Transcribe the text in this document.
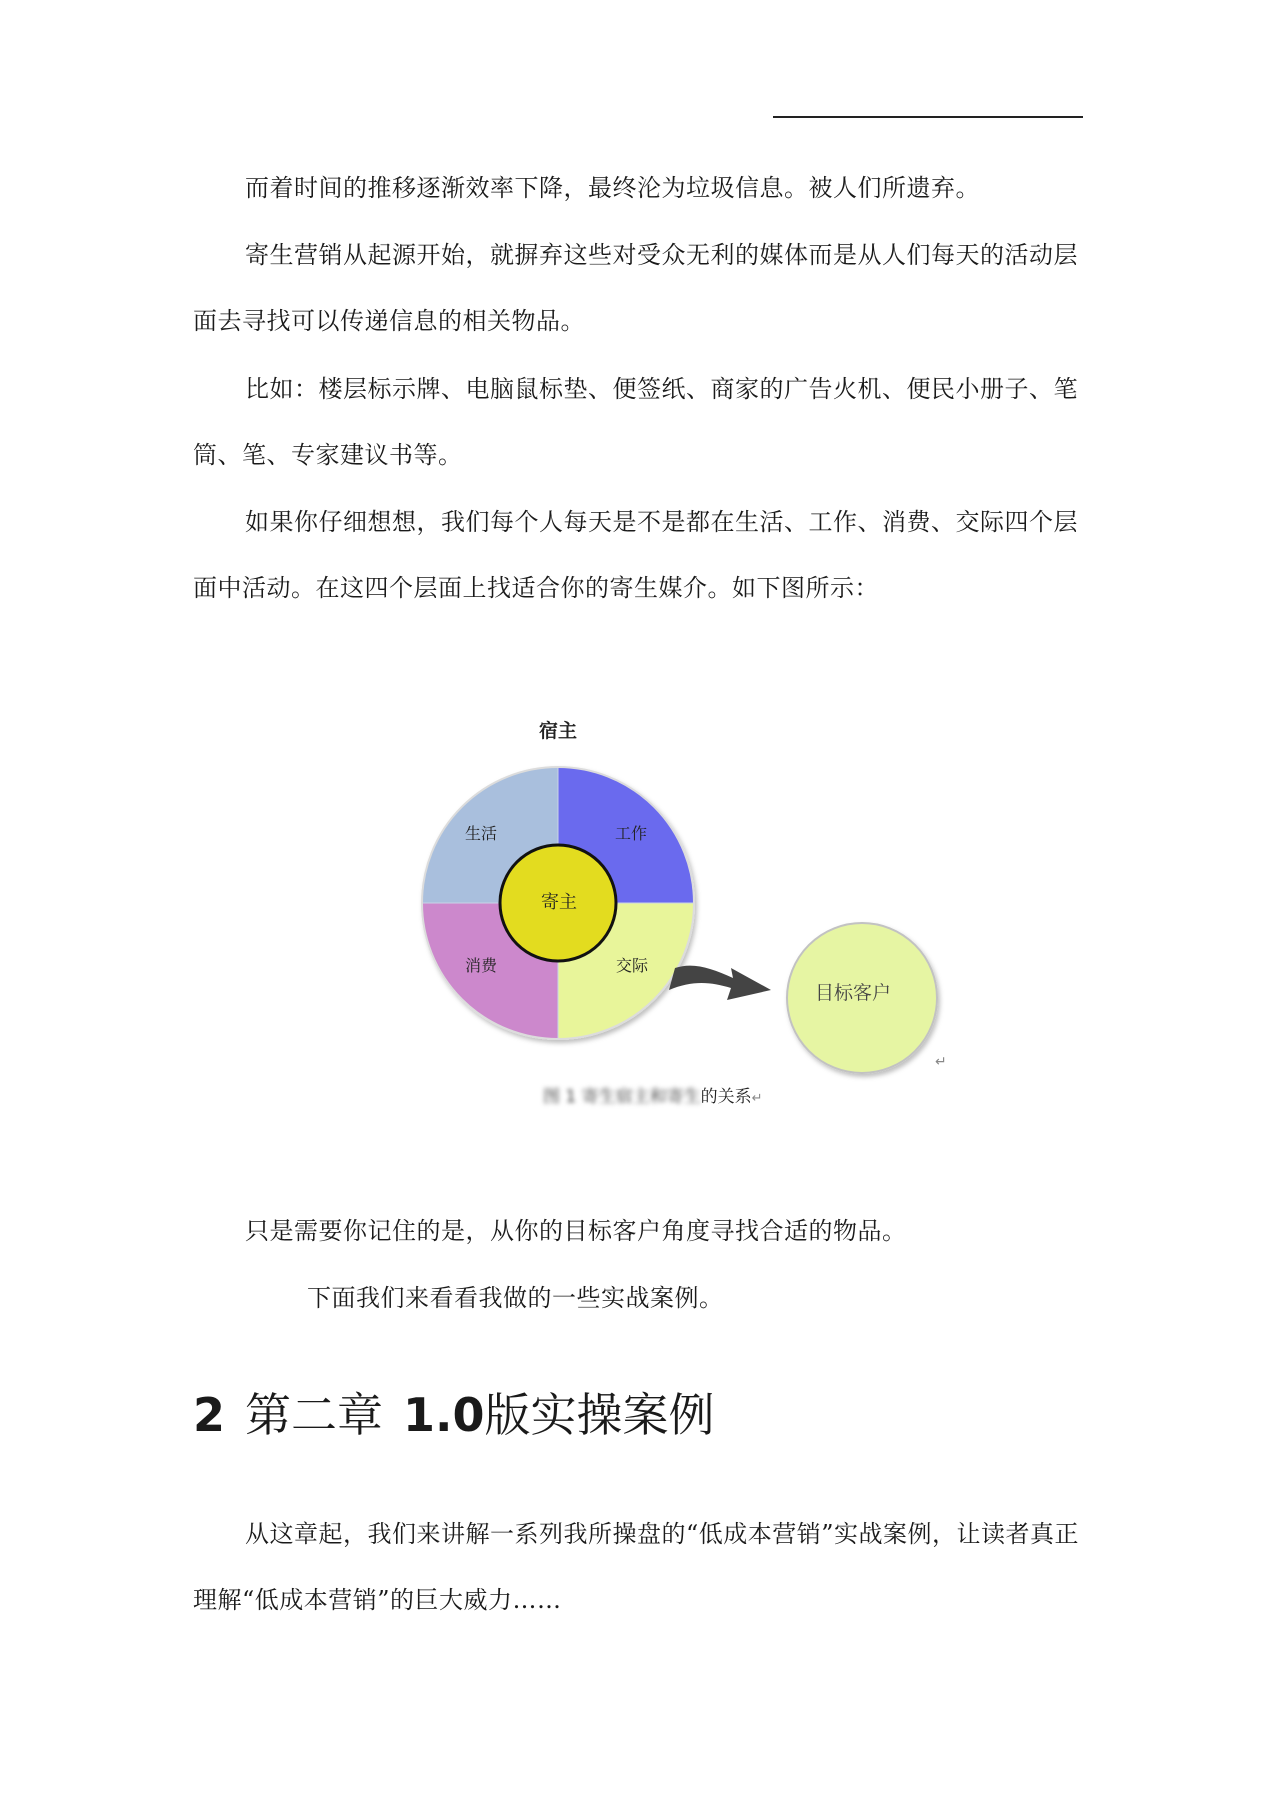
而着时间的推移逐渐效率下降，最终沦为垃圾信息。被人们所遗弃。

寄生营销从起源开始，就摒弃这些对受众无利的媒体而是从人们每天的活动层面去寻找可以传递信息的相关物品。

比如：楼层标示牌、电脑鼠标垫、便签纸、商家的广告火机、便民小册子、笔筒、笔、专家建议书等。

如果你仔细想想，我们每个人每天是不是都在生活、工作、消费、交际四个层面中活动。在这四个层面上找适合你的寄生媒介。如下图所示：

宿主
生活	工作
消费	交际
寄主
目标客户
↵
图 1 寄生宿主和寄生的关系↵

只是需要你记住的是，从你的目标客户角度寻找合适的物品。

下面我们来看看我做的一些实战案例。

2 第二章 1.0版实操案例

从这章起，我们来讲解一系列我所操盘的“低成本营销”实战案例，让读者真正理解“低成本营销”的巨大威力……
